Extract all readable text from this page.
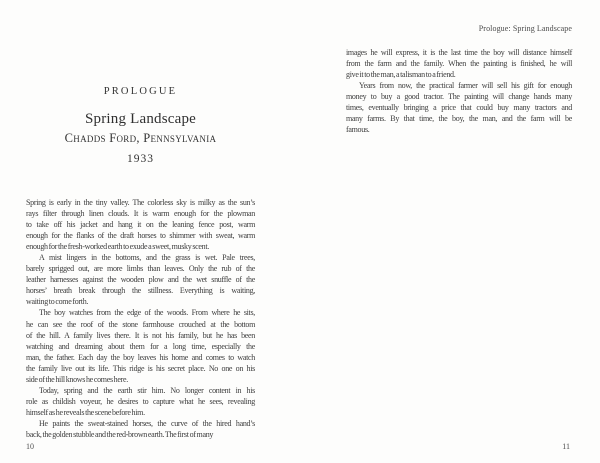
PROLOGUE
Spring Landscape
Chadds Ford, Pennsylvania
1933
Spring is early in the tiny valley. The colorless sky is milky as the sun’s
rays filter through linen clouds. It is warm enough for the plowman
to take off his jacket and hang it on the leaning fence post, warm
enough for the flanks of the draft horses to shimmer with sweat, warm
enough for the fresh-worked earth to exude a sweet, musky scent.
A mist lingers in the bottoms, and the grass is wet. Pale trees,
barely sprigged out, are more limbs than leaves. Only the rub of the
leather harnesses against the wooden plow and the wet snuffle of the
horses’ breath break through the stillness. Everything is waiting,
waiting to come forth.
The boy watches from the edge of the woods. From where he sits,
he can see the roof of the stone farmhouse crouched at the bottom
of the hill. A family lives there. It is not his family, but he has been
watching and dreaming about them for a long time, especially the
man, the father. Each day the boy leaves his home and comes to watch
the family live out its life. This ridge is his secret place. No one on his
side of the hill knows he comes here.
Today, spring and the earth stir him. No longer content in his
role as childish voyeur, he desires to capture what he sees, revealing
himself as he reveals the scene before him.
He paints the sweat-stained horses, the curve of the hired hand’s
back, the golden stubble and the red-brown earth. The first of many
10
Prologue: Spring Landscape
images he will express, it is the last time the boy will distance himself
from the farm and the family. When the painting is finished, he will
give it to the man, a talisman to a friend.
Years from now, the practical farmer will sell his gift for enough
money to buy a good tractor. The painting will change hands many
times, eventually bringing a price that could buy many tractors and
many farms. By that time, the boy, the man, and the farm will be
famous.
11
